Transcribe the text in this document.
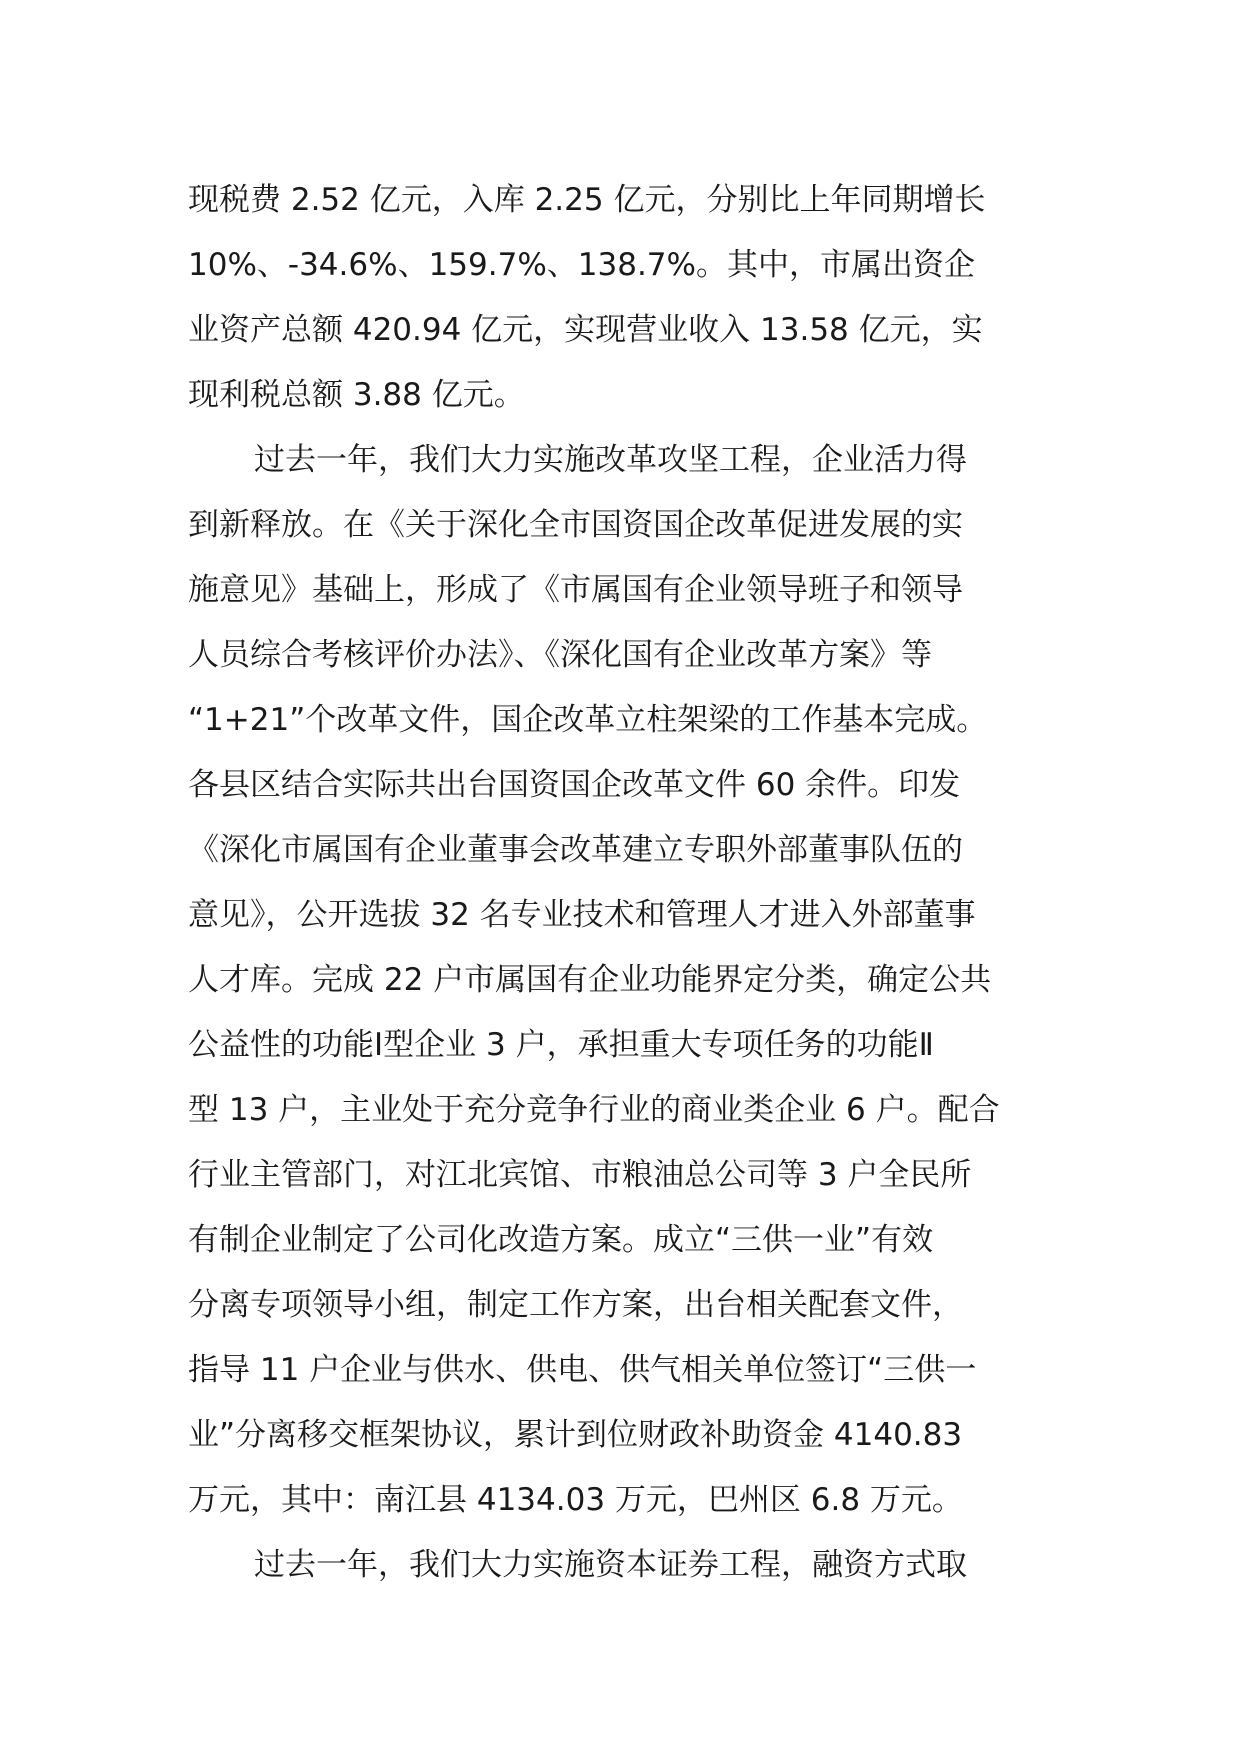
现税费 2.52 亿元，入库 2.25 亿元，分别比上年同期增长
10%、-34.6%、159.7%、138.7%。其中，市属出资企
业资产总额 420.94 亿元，实现营业收入 13.58 亿元，实
现利税总额 3.88 亿元。
过去一年，我们大力实施改革攻坚工程，企业活力得
到新释放。在《关于深化全市国资国企改革促进发展的实
施意见》基础上，形成了《市属国有企业领导班子和领导
人员综合考核评价办法》、《深化国有企业改革方案》等
“1+21”个改革文件，国企改革立柱架梁的工作基本完成。
各县区结合实际共出台国资国企改革文件 60 余件。印发
《深化市属国有企业董事会改革建立专职外部董事队伍的
意见》，公开选拔 32 名专业技术和管理人才进入外部董事
人才库。完成 22 户市属国有企业功能界定分类，确定公共
公益性的功能Ⅰ型企业 3 户，承担重大专项任务的功能Ⅱ
型 13 户，主业处于充分竞争行业的商业类企业 6 户。配合
行业主管部门，对江北宾馆、市粮油总公司等 3 户全民所
有制企业制定了公司化改造方案。成立“三供一业”有效
分离专项领导小组，制定工作方案，出台相关配套文件，
指导 11 户企业与供水、供电、供气相关单位签订“三供一
业”分离移交框架协议，累计到位财政补助资金 4140.83
万元，其中：南江县 4134.03 万元，巴州区 6.8 万元。
过去一年，我们大力实施资本证券工程，融资方式取
